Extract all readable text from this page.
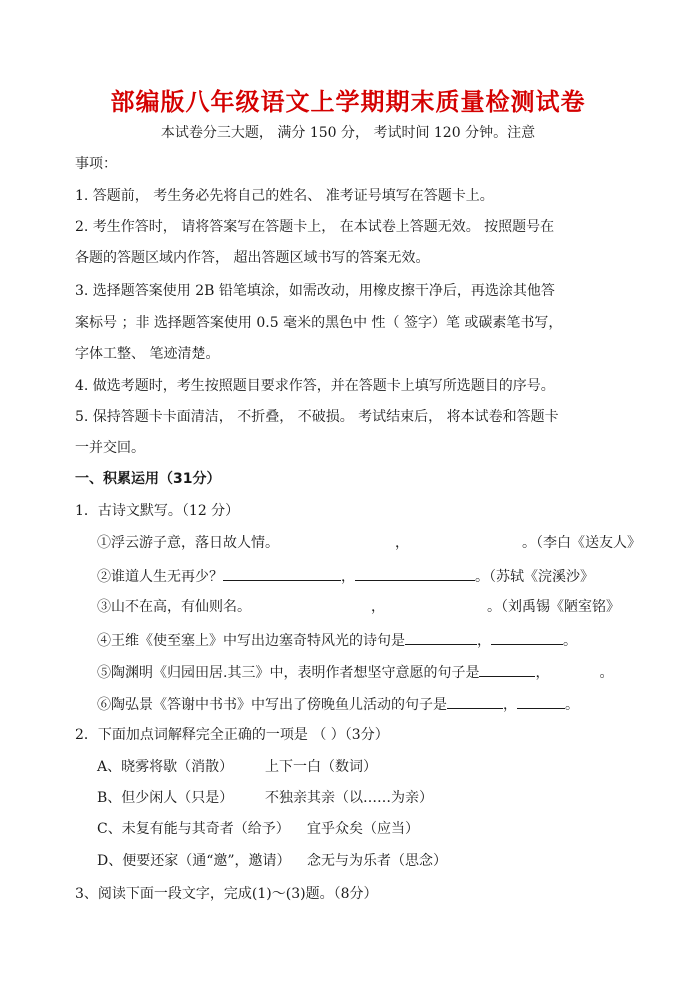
部编版八年级语文上学期期末质量检测试卷
本试卷分三大题， 满分 150 分， 考试时间 120 分钟。注意
事项：
1. 答题前， 考生务必先将自己的姓名、 准考证号填写在答题卡上。
2. 考生作答时， 请将答案写在答题卡上， 在本试卷上答题无效。 按照题号在
各题的答题区域内作答， 超出答题区域书写的答案无效。
3. 选择题答案使用 2B 铅笔填涂，如需改动，用橡皮擦干净后，再选涂其他答
案标号 ；非 选择题答案使用 0.5 毫米的黑色中 性（ 签字）笔 或碳素笔书写，
字体工整、 笔迹清楚。
4. 做选考题时，考生按照题目要求作答，并在答题卡上填写所选题目的序号。
5. 保持答题卡卡面清洁， 不折叠， 不破损。 考试结束后， 将本试卷和答题卡
一并交回。
一、积累运用（31分）
1．古诗文默写。（12 分）
①浮云游子意，落日故人情。	，	。（李白《送友人》
②谁道人生无再少？	，	。（苏轼《浣溪沙》
③山不在高，有仙则名。	，	。（刘禹锡《陋室铭》
④王维《使至塞上》中写出边塞奇特风光的诗句是	，	。
⑤陶渊明《归园田居.其三》中，表明作者想坚守意愿的句子是	，	。
⑥陶弘景《答谢中书书》中写出了傍晚鱼儿活动的句子是	，	。
2．下面加点词解释完全正确的一项是 （ ）（3分）
A、晓雾将歇（消散） 上下一白（数词）
B、但少闲人（只是） 不独亲其亲（以……为亲）
C、未复有能与其奇者（给予） 宜乎众矣（应当）
D、便要还家（通“邀”，邀请） 念无与为乐者（思念）
3、阅读下面一段文字，完成(1)～(3)题。（8分）
